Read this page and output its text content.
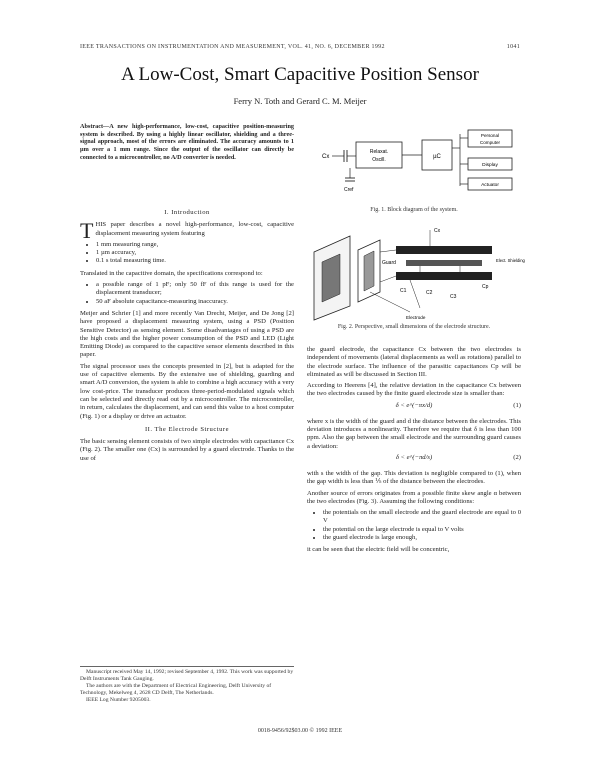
IEEE TRANSACTIONS ON INSTRUMENTATION AND MEASUREMENT, VOL. 41, NO. 6, DECEMBER 1992	1041
A Low-Cost, Smart Capacitive Position Sensor
Ferry N. Toth and Gerard C. M. Meijer
Abstract—A new high-performance, low-cost, capacitive position-measuring system is described. By using a highly linear oscillator, shielding and a three-signal approach, most of the errors are eliminated. The accuracy amounts to 1 µm over a 1 mm range. Since the output of the oscillator can directly be connected to a microcontroller, no A/D converter is needed.
I. Introduction

THIS paper describes a novel high-performance, low-cost, capacitive displacement measuring system featuring

• 1 mm measuring range,
• 1 µm accuracy,
• 0.1 s total measuring time.

Translated in the capacitive domain, the specifications correspond to:

• a possible range of 1 pF; only 50 fF of this range is used for the displacement transducer;
• 50 aF absolute capacitance-measuring inaccuracy.

Meijer and Schrier [1] and more recently Van Drecht, Meijer, and De Jong [2] have proposed a displacement measuring system, using a PSD (Position Sensitive Detector) as sensing element. Some disadvantages of using a PSD are the high costs and the higher power consumption of the PSD and LED (Light Emitting Diode) as compared to the capacitive sensor elements described in this paper.

The signal processor uses the concepts presented in [2], but is adapted for the use of capacitive elements. By the extensive use of shielding, guarding and smart A/D conversion, the system is able to combine a high accuracy with a very low cost-price. The transducer produces three-period-modulated signals which can be selected and directly read out by a microcontroller. The microcontroller, in return, calculates the displacement, and can send this value to a host computer (Fig. 1) or a display or drive an actuator.

II. The Electrode Structure

The basic sensing element consists of two simple electrodes with capacitance Cx (Fig. 2). The smaller one (Cx) is surrounded by a guard electrode. Thanks to the use of

Manuscript received May 14, 1992; revised September 4, 1992. This work was supported by Delft Instruments Tank Gauging.

The authors are with the Department of Electrical Engineering, Delft University of Technology, Mekelweg 4, 2628 CD Delft, The Netherlands.

IEEE Log Number 9205003.

Cx
Relaxat.
Oscill.	µC
Cref
Personal
Computer
Display
Actuator
Fig. 1. Block diagram of the system.
Cx
Guard	Elect. Shielding
Cp
C1	C2
C3
Electrode
Fig. 2. Perspective, small dimensions of the electrode structure.

the guard electrode, the capacitance Cx between the two electrodes is independent of movements (lateral displacements as well as rotations) parallel to the electrode surface. The influence of the parasitic capacitances Cp will be eliminated as will be discussed in Section III.

According to Heerens [4], the relative deviation in the capacitance Cx between the two electrodes caused by the finite guard electrode size is smaller than:

δ < e^(−πx/d)	(1)

where x is the width of the guard and d the distance between the electrodes. This deviation introduces a nonlinearity. Therefore we require that δ is less than 100 ppm. Also the gap between the small electrode and the surrounding guard causes a deviation:

δ < e^(−πd/s)	(2)

with s the width of the gap. This deviation is negligible compared to (1), when the gap width is less than ⅕ of the distance between the electrodes.

Another source of errors originates from a possible finite skew angle α between the two electrodes (Fig. 3). Assuming the following conditions:

• the potentials on the small electrode and the guard electrode are equal to 0 V
• the potential on the large electrode is equal to V volts
• the guard electrode is large enough,

it can be seen that the electric field will be concentric,

0018-9456/92$03.00 © 1992 IEEE
